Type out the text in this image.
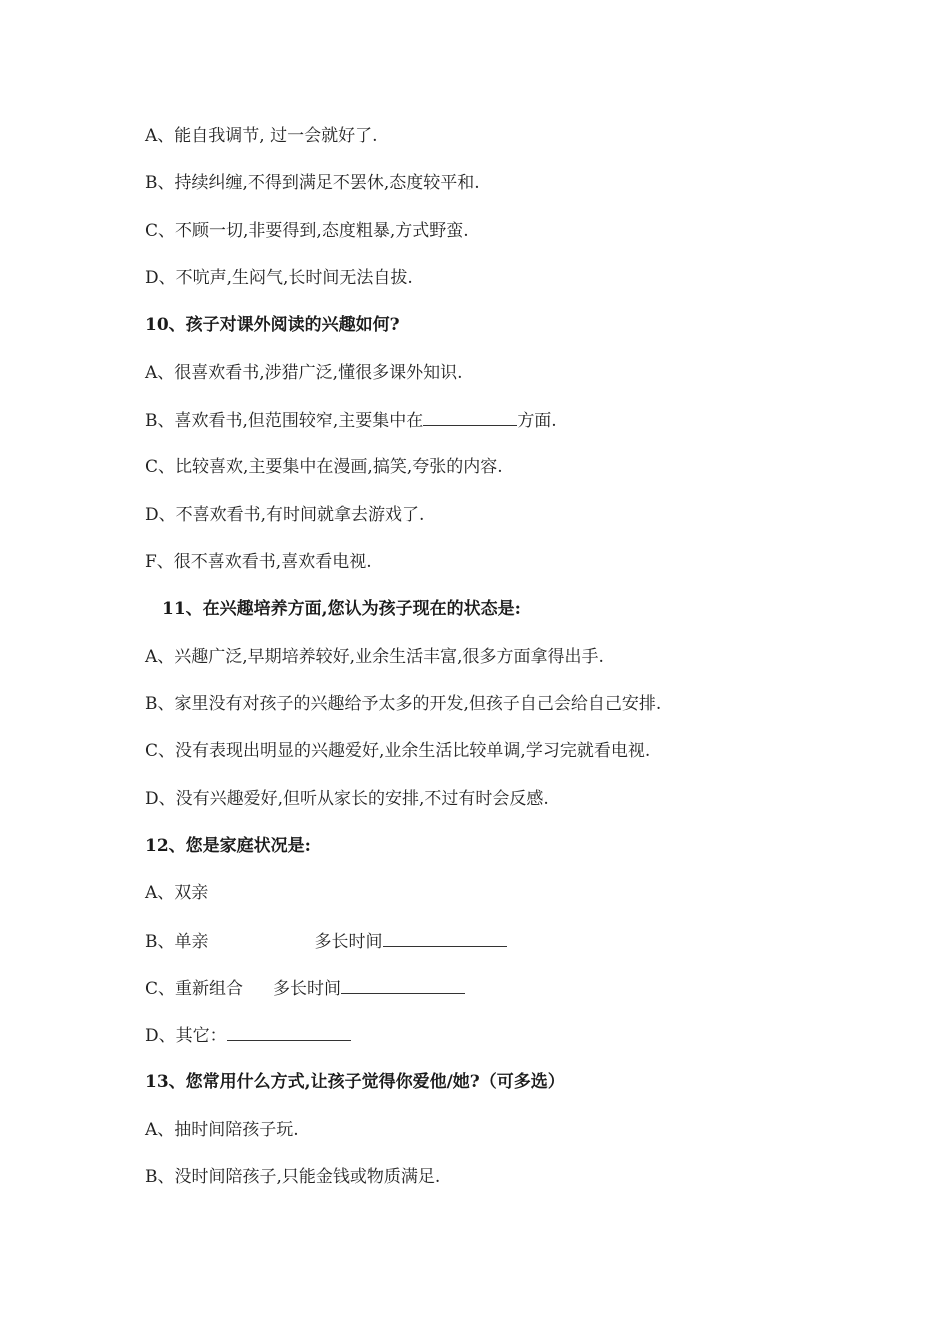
A、能自我调节, 过一会就好了.
B、持续纠缠,不得到满足不罢休,态度较平和.
C、不顾一切,非要得到,态度粗暴,方式野蛮.
D、不吭声,生闷气,长时间无法自拔.
10、孩子对课外阅读的兴趣如何?
A、很喜欢看书,涉猎广泛,懂很多课外知识.
B、喜欢看书,但范围较窄,主要集中在	方面.
C、比较喜欢,主要集中在漫画,搞笑,夸张的内容.
D、不喜欢看书,有时间就拿去游戏了.
F、很不喜欢看书,喜欢看电视.
11、在兴趣培养方面,您认为孩子现在的状态是:
A、兴趣广泛,早期培养较好,业余生活丰富,很多方面拿得出手.
B、家里没有对孩子的兴趣给予太多的开发,但孩子自己会给自己安排.
C、没有表现出明显的兴趣爱好,业余生活比较单调,学习完就看电视.
D、没有兴趣爱好,但听从家长的安排,不过有时会反感.
12、您是家庭状况是:
A、双亲
B、单亲	多长时间
C、重新组合 多长时间
D、其它：
13、您常用什么方式,让孩子觉得你爱他/她?（可多选）
A、抽时间陪孩子玩.
B、没时间陪孩子,只能金钱或物质满足.
